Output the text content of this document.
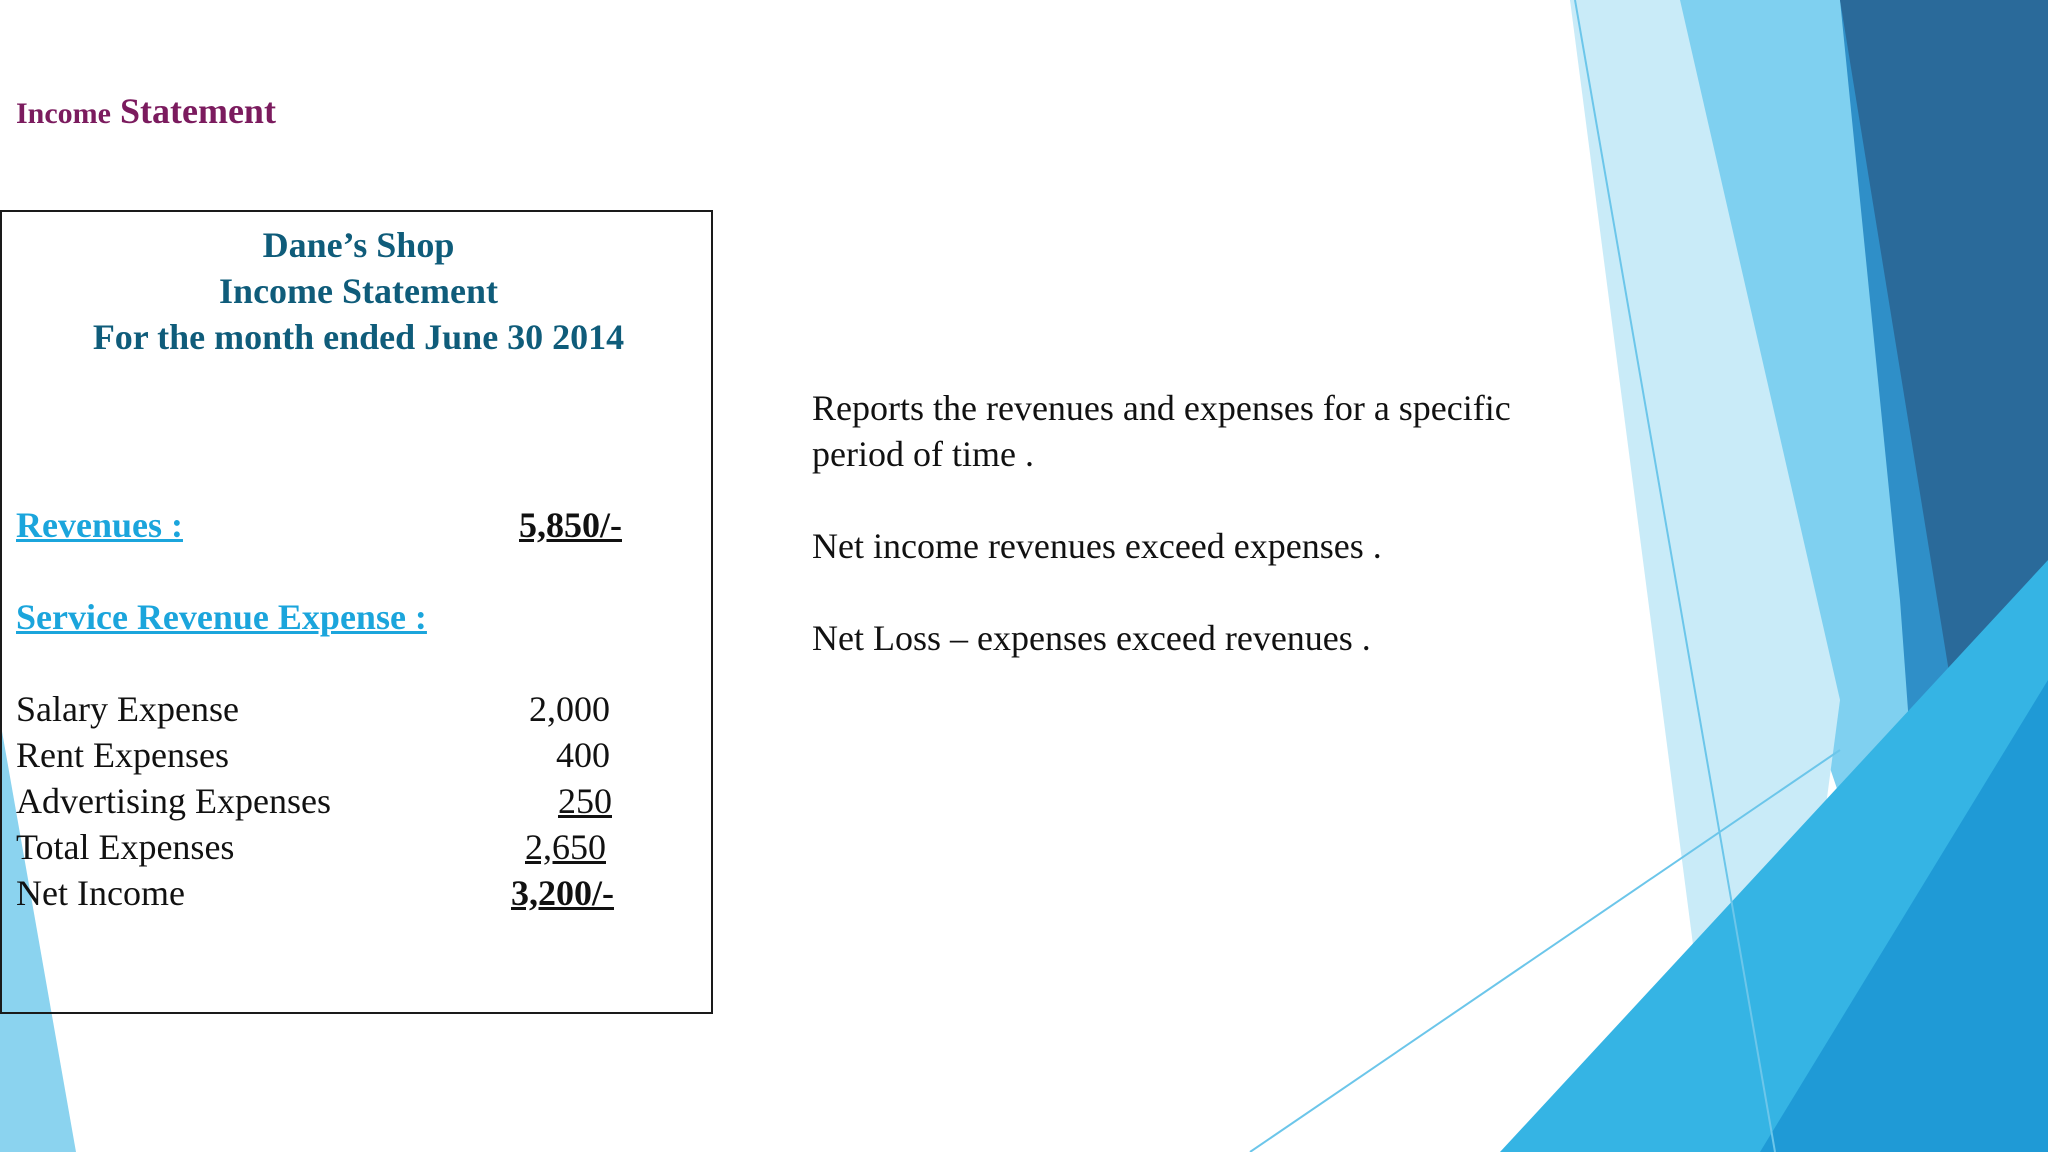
Income Statement
Dane’s Shop
Income Statement
For the month ended June 30 2014
Revenues :	5,850/-
Service Revenue Expense :
Salary Expense	2,000
Rent Expenses	400
Advertising Expenses	250
Total Expenses	2,650
Net Income	3,200/-

Reports the revenues and expenses for a specific period of time .

Net income revenues exceed expenses .

Net Loss – expenses exceed revenues .
